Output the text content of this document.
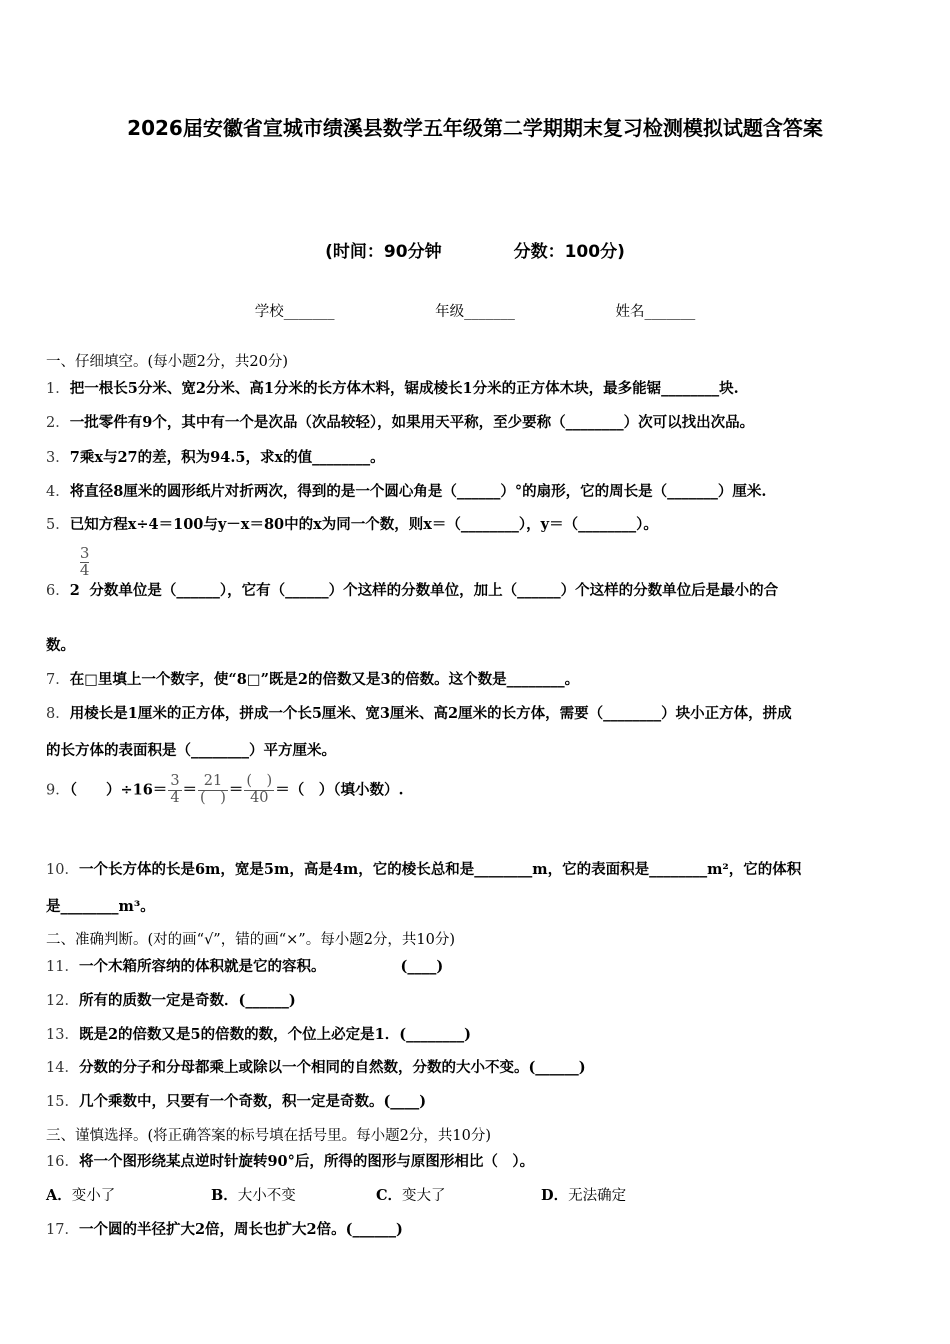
2026届安徽省宣城市绩溪县数学五年级第二学期期末复习检测模拟试题含答案
(时间：90分钟	分数：100分)
学校_______	年级_______	姓名_______
一、仔细填空。(每小题2分，共20分)
1．把一根长5分米、宽2分米、高1分米的长方体木料，锯成棱长1分米的正方体木块，最多能锯________块.
2．一批零件有9个，其中有一个是次品（次品较轻），如果用天平称，至少要称（________）次可以找出次品。
3．7乘x与27的差，积为94.5，求x的值________。
4．将直径8厘米的圆形纸片对折两次，得到的是一个圆心角是（______）°的扇形，它的周长是（_______）厘米.
5．已知方程x÷4＝100与y－x＝80中的x为同一个数，则x＝（________），y＝（________）。
6．2
$\frac{3}{4}$分数单位是（______），它有（______）个这样的分数单位，加上（______）个这样的分数单位后是最小的合
数。
7．在□里填上一个数字，使“8□”既是2的倍数又是3的倍数。这个数是________。
8．用棱长是1厘米的正方体，拼成一个长5厘米、宽3厘米、高2厘米的长方体，需要（________）块小正方体，拼成
的长方体的表面积是（________）平方厘米。
9．（　　）$\div 16= \frac{3}{4} = \frac{21}{( )} = \frac{( )}{40}$ ＝（　）（填小数）.
10．一个长方体的长是6m，宽是5m，高是4m，它的棱长总和是________m，它的表面积是________m²，它的体积
是________m³。
二、准确判断。(对的画“√”，错的画“×”。每小题2分，共10分)
11．一个木箱所容纳的体积就是它的容积。	(____)
12．所有的质数一定是奇数．(______)
13．既是2的倍数又是5的倍数的数，个位上必定是1．(________)
14．分数的分子和分母都乘上或除以一个相同的自然数，分数的大小不变。(______)
15．几个乘数中，只要有一个奇数，积一定是奇数。(____)
三、谨慎选择。(将正确答案的标号填在括号里。每小题2分，共10分)
16．将一个图形绕某点逆时针旋转90°后，所得的图形与原图形相比（　）。
A．变小了	B．大小不变	C．变大了	D．无法确定
17．一个圆的半径扩大2倍，周长也扩大2倍。(______)
